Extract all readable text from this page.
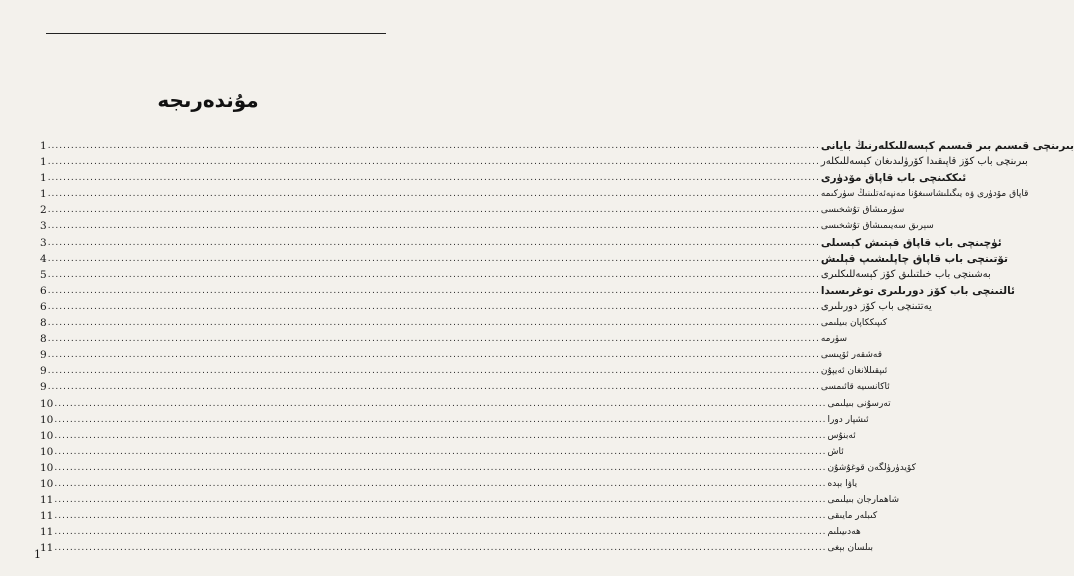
مۇندەرىجە
1 ........................................................................................................................................................................................................ بىرىنچى قىسىم بىر قىسىم كېسەللىكلەرنىڭ بايانى
1 ........................................................................................................................................................................................................ بىرىنچى باب كۆز قاپىقىدا كۆرۈلىدىغان كېسەللىكلەر
1 ........................................................................................................................................................................................................ ئىككىنچى باب قاپاق مۆدۈرى
1 ........................................................................................................................................................................................................ قاپاق مۆدۈرى ۋە يىگىلىشاسىغۇنا مەنپەئەتلىنىڭ سۈركىمە
2 ........................................................................................................................................................................................................ سۈرمىشاق تۇشخىسى
3 ........................................................................................................................................................................................................ سېرىق سەيىمىشاق تۇشخىسى
3 ........................................................................................................................................................................................................ ئۈچىنچى باب قاپاق قېتىش كېسىلى
4 ........................................................................................................................................................................................................ تۆتىنچى باب قاپاق چاپلىشىپ قېلىش
5 ........................................................................................................................................................................................................ بەشىنچى باب خىلتىلىق كۆز كېسەللىكلىرى
6 ........................................................................................................................................................................................................ ئالتىنچى باب كۆز دورىلىرى توغرىسىدا
6 ........................................................................................................................................................................................................ يەتتىنچى باب كۆز دورىلىرى
8 ........................................................................................................................................................................................................ كىپىككاپان بىيلىمى
8 ........................................................................................................................................................................................................ سۈرمە
9 ........................................................................................................................................................................................................ قەشقەر ئۆپىسى
9 ........................................................................................................................................................................................................ ئىپقىللانغان ئەيپۇن
9 ........................................................................................................................................................................................................ ئاكانسىيە قائىمسى
10 ........................................................................................................................................................................................................ تەرسۇنى بىيلىمى
10 ........................................................................................................................................................................................................ ئىشپار دورا
10 ........................................................................................................................................................................................................ ئەبنۇس
10 ........................................................................................................................................................................................................ ئاش
10 ........................................................................................................................................................................................................ كۆيدۈرۈلگەن قوغۇشۇن
10 ........................................................................................................................................................................................................ ياۋا بېدە
11 ........................................................................................................................................................................................................ شاھمارجان بىيلىمى
11 ........................................................................................................................................................................................................ كىبلەر مايىقى
11 ........................................................................................................................................................................................................ ھەدىيىلىم
11 ........................................................................................................................................................................................................ بىلسان بېغى
1
